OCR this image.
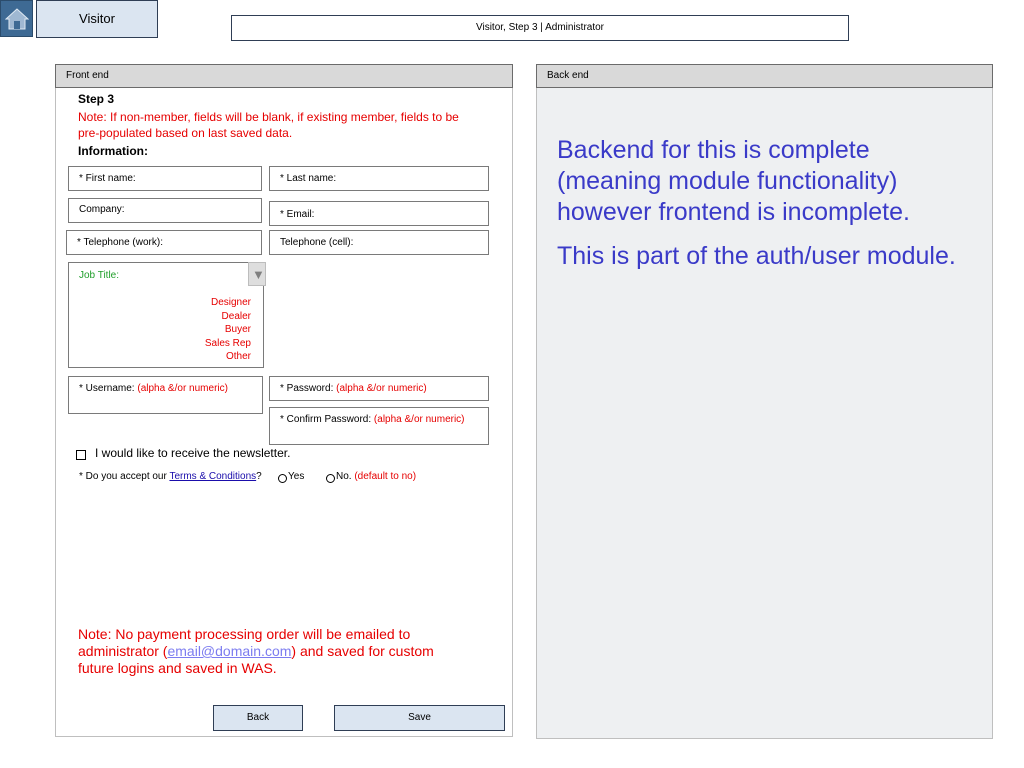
Visitor
Visitor, Step 3 | Administrator
Front end
Step 3
Note: If non-member, fields will be blank, if existing member, fields to be pre-populated based on last saved data.
Information:
* First name:	* Last name:
Company:	* Email:
* Telephone (work):	Telephone (cell):
Job Title:
Designer
Dealer
Buyer
Sales Rep
Other
▼
* Username: (alpha &/or numeric)	* Password: (alpha &/or numeric)
* Confirm Password: (alpha &/or numeric)
I would like to receive the newsletter.
* Do you accept our Terms & Conditions?	Yes	No. (default to no)
Note: No payment processing order will be emailed to administrator (email@domain.com) and saved for custom future logins and saved in WAS.
Back	Save
Back end

Backend for this is complete (meaning module functionality) however frontend is incomplete.

This is part of the auth/user module.
